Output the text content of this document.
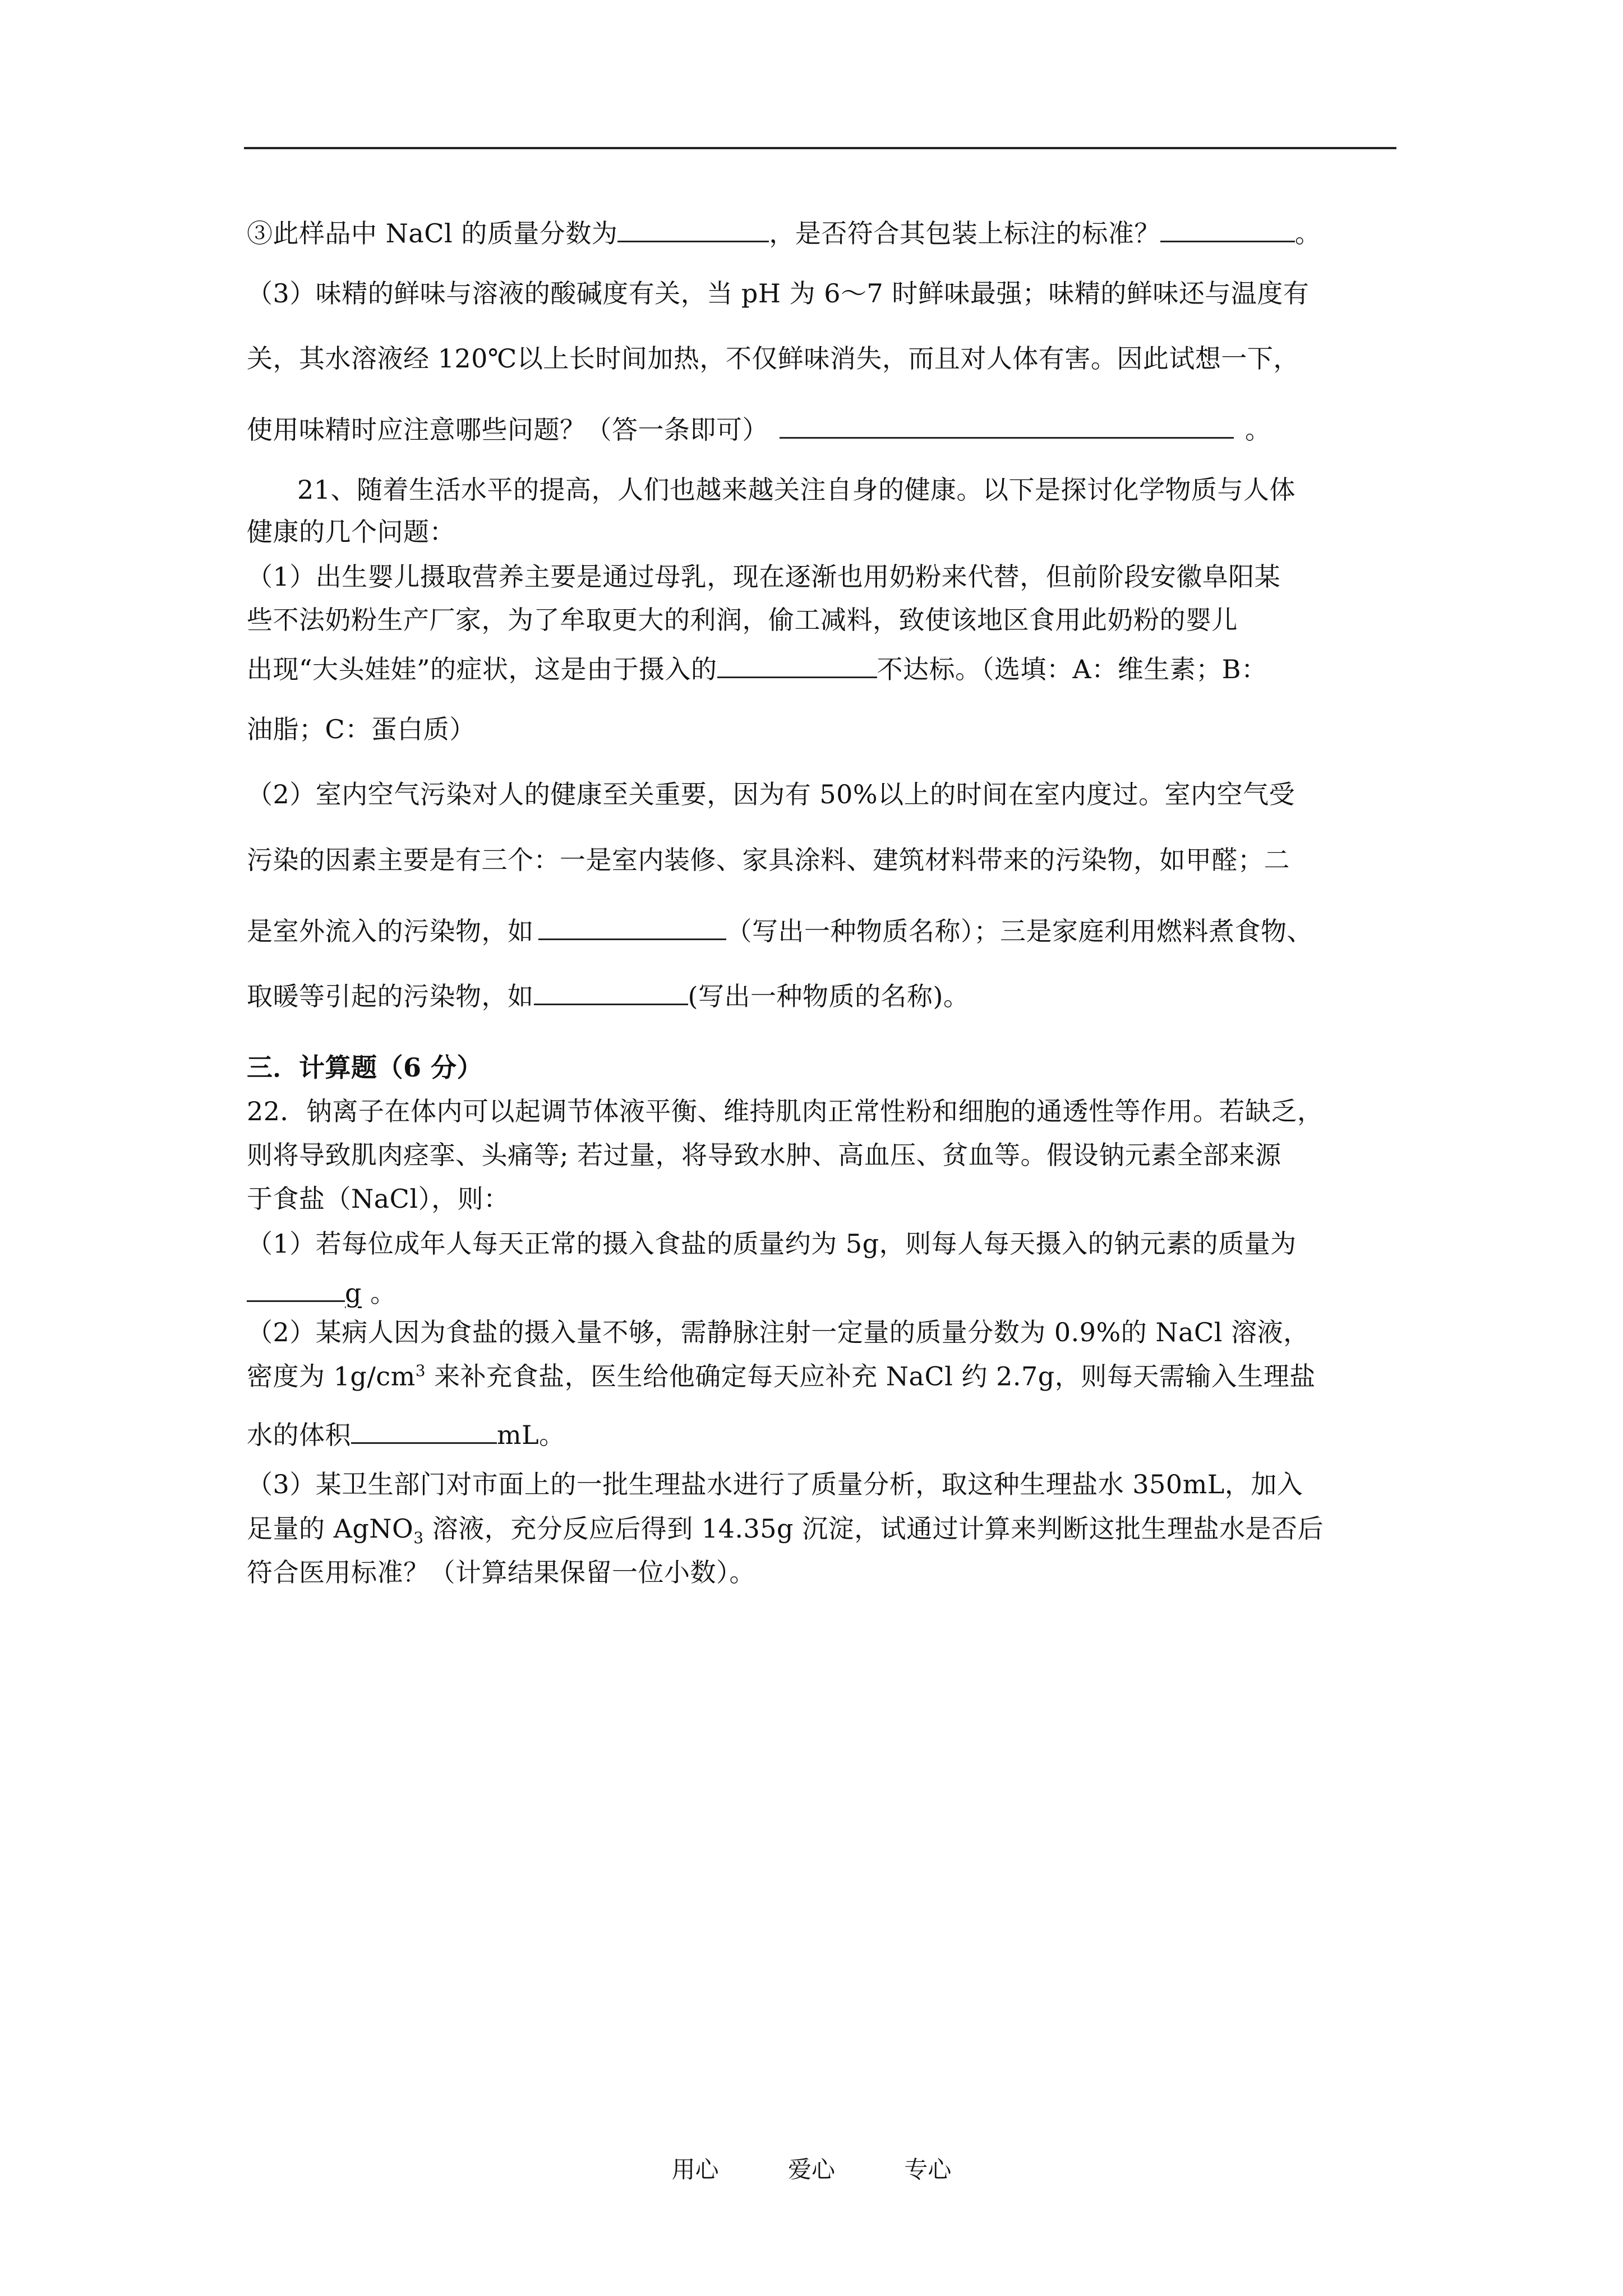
③此样品中 NaCl 的质量分数为	，是否符合其包装上标注的标准？	。
（3）味精的鲜味与溶液的酸碱度有关，当 pH 为 6～7 时鲜味最强；味精的鲜味还与温度有
关，其水溶液经 120℃以上长时间加热，不仅鲜味消失，而且对人体有害。因此试想一下，
使用味精时应注意哪些问题？（答一条即可）	。
21、随着生活水平的提高，人们也越来越关注自身的健康。以下是探讨化学物质与人体
健康的几个问题：
（1）出生婴儿摄取营养主要是通过母乳，现在逐渐也用奶粉来代替，但前阶段安徽阜阳某
些不法奶粉生产厂家，为了牟取更大的利润，偷工减料，致使该地区食用此奶粉的婴儿
出现“大头娃娃”的症状，这是由于摄入的	不达标。（选填：A：维生素；B：
油脂；C：蛋白质）
（2）室内空气污染对人的健康至关重要，因为有 50%以上的时间在室内度过。室内空气受
污染的因素主要是有三个：一是室内装修、家具涂料、建筑材料带来的污染物，如甲醛；二
是室外流入的污染物，如	（写出一种物质名称）；三是家庭利用燃料煮食物、
取暖等引起的污染物，如	(写出一种物质的名称)。
三．计算题（6 分）
22．钠离子在体内可以起调节体液平衡、维持肌肉正常性粉和细胞的通透性等作用。若缺乏，
则将导致肌肉痉挛、头痛等; 若过量，将导致水肿、高血压、贫血等。假设钠元素全部来源
于食盐（NaCl），则：
（1）若每位成年人每天正常的摄入食盐的质量约为 5g，则每人每天摄入的钠元素的质量为
g 。
（2）某病人因为食盐的摄入量不够，需静脉注射一定量的质量分数为 0.9%的 NaCl 溶液，
密度为 $1g/cm^3$ 来补充食盐，医生给他确定每天应补充 NaCl 约 2.7g，则每天需输入生理盐
水的体积	mL。
（3）某卫生部门对市面上的一批生理盐水进行了质量分析，取这种生理盐水 350mL，加入
足量的 AgNO$_3$ 溶液，充分反应后得到 14.35g 沉淀，试通过计算来判断这批生理盐水是否后
符合医用标准？（计算结果保留一位小数）。
用心	爱心	专心
